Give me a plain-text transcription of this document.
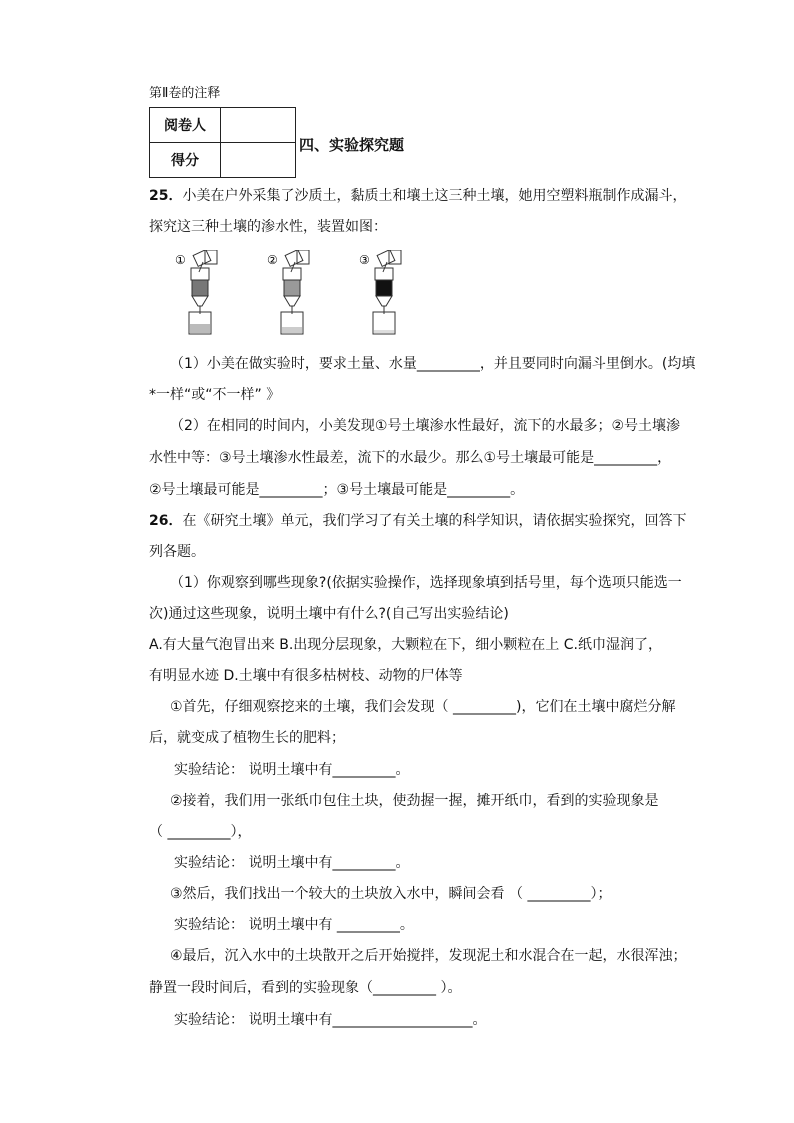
第Ⅱ卷的注释
阅卷人	
得分	
四、实验探究题
25．小美在户外采集了沙质土，黏质土和壤土这三种土壤，她用空塑料瓶制作成漏斗，
探究这三种土壤的渗水性，装置如图：
①	②	③
（1）小美在做实验时，要求土量、水量_________，并且要同时向漏斗里倒水。(均填
*一样“或“不一样” 》
（2）在相同的时间内，小美发现①号土壤渗水性最好，流下的水最多；②号土壤渗
水性中等：③号土壤渗水性最差，流下的水最少。那么①号土壤最可能是_________，
②号土壤最可能是_________；③号土壤最可能是_________。
26．在《研究土壤》单元，我们学习了有关土壤的科学知识，请依据实验探究，回答下
列各题。
（1）你观察到哪些现象?(依据实验操作，选择现象填到括号里，每个选项只能选一
次)通过这些现象，说明土壤中有什么?(自己写出实验结论)
A.有大量气泡冒出来 B.出现分层现象，大颗粒在下，细小颗粒在上 C.纸巾湿润了，
有明显水迹 D.土壤中有很多枯树枝、动物的尸体等
①首先，仔细观察挖来的土壤，我们会发现（ _________)，它们在土壤中腐烂分解
后，就变成了植物生长的肥料；
实验结论： 说明土壤中有_________。
②接着，我们用一张纸巾包住土块，使劲握一握，摊开纸巾，看到的实验现象是
（ _________），
实验结论： 说明土壤中有_________。
③然后，我们找出一个较大的土块放入水中，瞬间会看 （ _________）；
实验结论： 说明土壤中有 _________。
④最后，沉入水中的土块散开之后开始搅拌，发现泥土和水混合在一起，水很浑浊；
静置一段时间后，看到的实验现象（_________ ）。
实验结论： 说明土壤中有____________________。
